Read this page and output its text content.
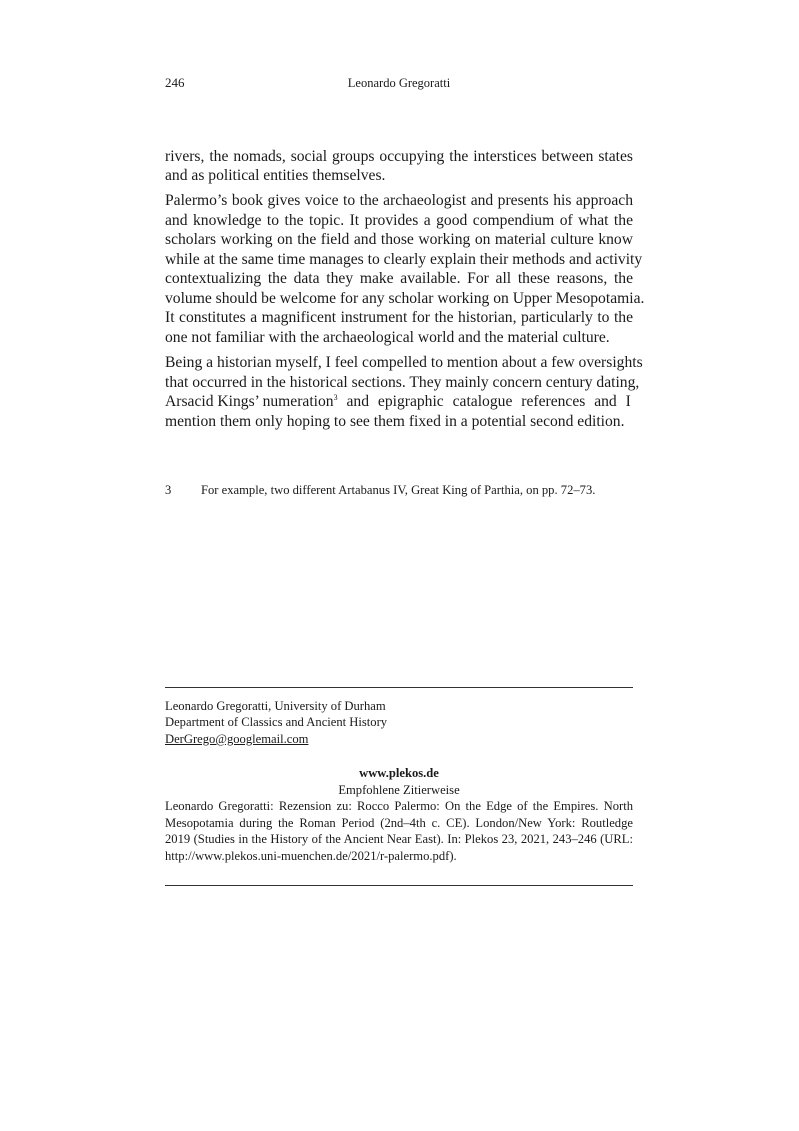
246	Leonardo Gregoratti
rivers, the nomads, social groups occupying the interstices between states
and as political entities themselves.
Palermo’s book gives voice to the archaeologist and presents his approach
and knowledge to the topic. It provides a good compendium of what the
scholars working on the field and those working on material culture know
while at the same time manages to clearly explain their methods and activity
contextualizing the data they make available. For all these reasons, the
volume should be welcome for any scholar working on Upper Mesopotamia.
It constitutes a magnificent instrument for the historian, particularly to the
one not familiar with the archaeological world and the material culture.
Being a historian myself, I feel compelled to mention about a few oversights
that occurred in the historical sections. They mainly concern century dating,
Arsacid Kings’ numeration$^3$ and epigraphic catalogue references and I
mention them only hoping to see them fixed in a potential second edition.
3 For example, two different Artabanus IV, Great King of Parthia, on pp. 72–73.
Leonardo Gregoratti, University of Durham
Department of Classics and Ancient History
DerGrego@googlemail.com
www.plekos.de
Empfohlene Zitierweise
Leonardo Gregoratti: Rezension zu: Rocco Palermo: On the Edge of the Empires. North
Mesopotamia during the Roman Period (2nd–4th c. CE). London/New York: Routledge
2019 (Studies in the History of the Ancient Near East). In: Plekos 23, 2021, 243–246 (URL:
http://www.plekos.uni-muenchen.de/2021/r-palermo.pdf).
